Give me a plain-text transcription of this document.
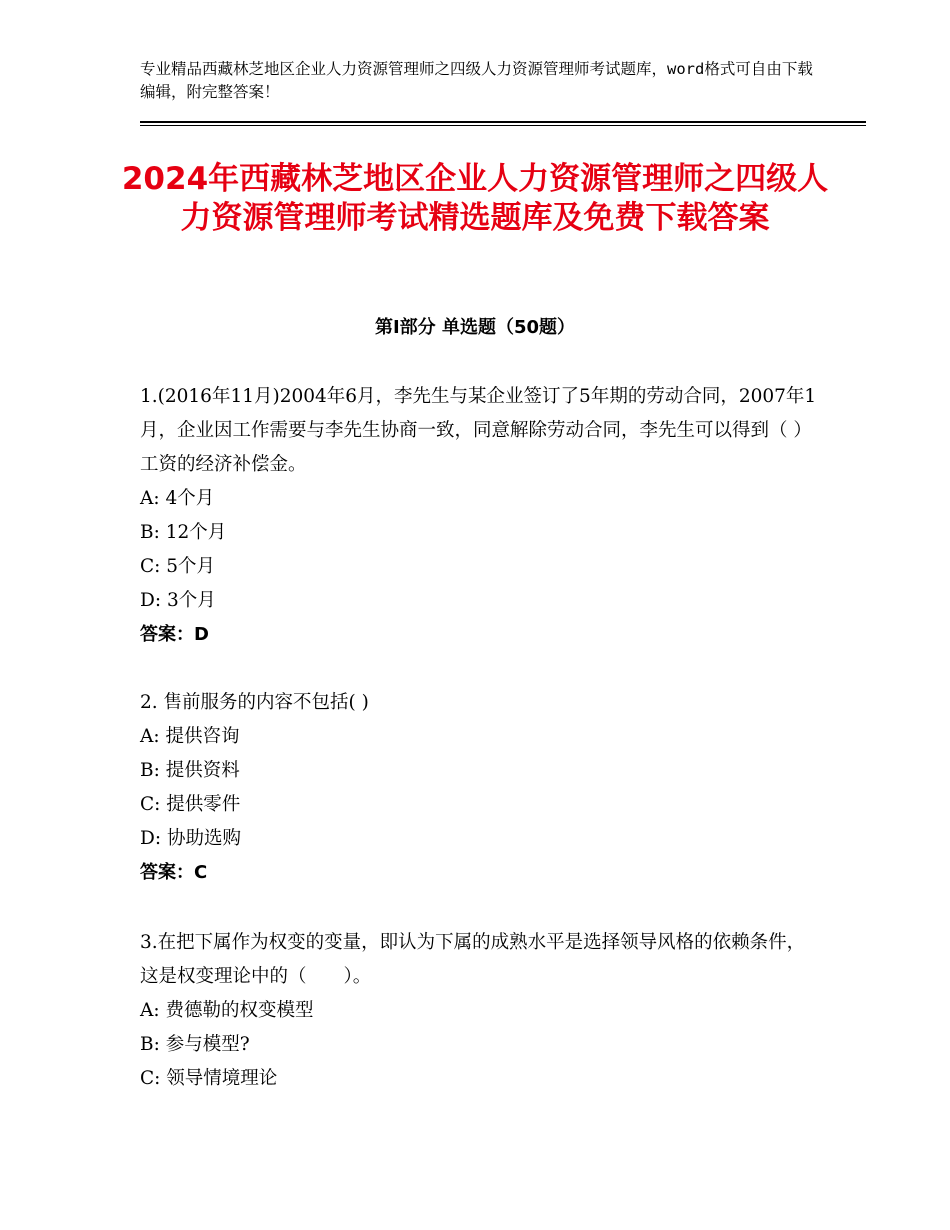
专业精品西藏林芝地区企业人力资源管理师之四级人力资源管理师考试题库，word格式可自由下载编辑，附完整答案！
2024年西藏林芝地区企业人力资源管理师之四级人力资源管理师考试精选题库及免费下载答案
第Ⅰ部分 单选题（50题）
1.(2016年11月)2004年6月，李先生与某企业签订了5年期的劳动合同，2007年1月，企业因工作需要与李先生协商一致，同意解除劳动合同，李先生可以得到（ ）工资的经济补偿金。
A: 4个月
B: 12个月
C: 5个月
D: 3个月
答案：D
2. 售前服务的内容不包括( )
A: 提供咨询
B: 提供资料
C: 提供零件
D: 协助选购
答案：C
3.在把下属作为权变的变量，即认为下属的成熟水平是选择领导风格的依赖条件，这是权变理论中的（　　）。
A: 费德勒的权变模型
B: 参与模型?
C: 领导情境理论
